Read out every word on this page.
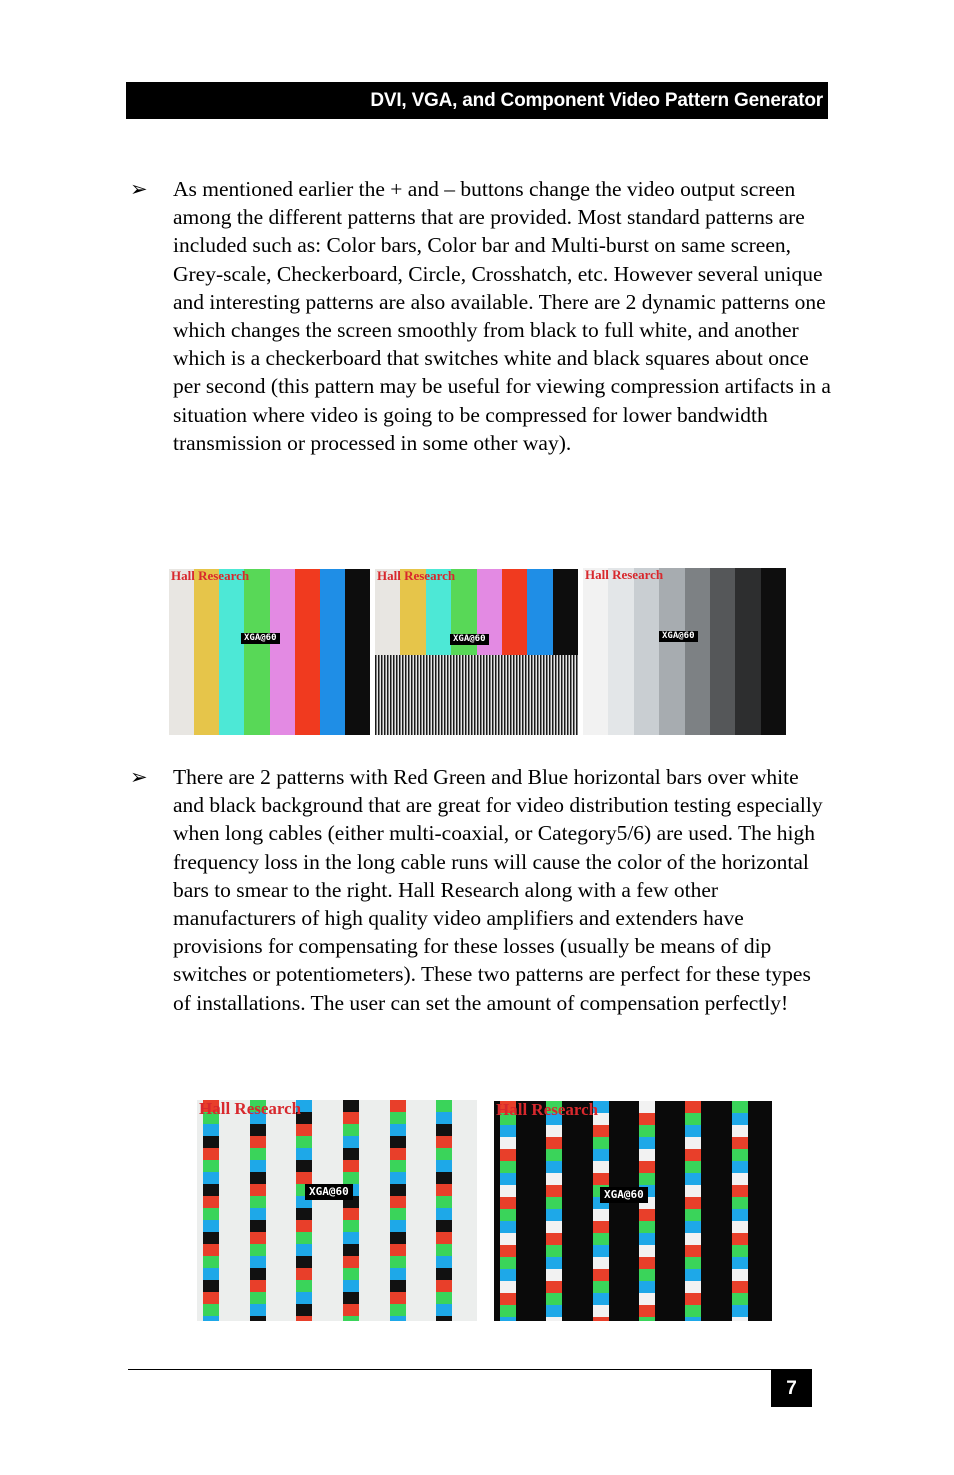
DVI, VGA, and Component Video Pattern Generator
➢ As mentioned earlier the + and – buttons change the video output screen among the different patterns that are provided. Most standard patterns are included such as: Color bars, Color bar and Multi-burst on same screen, Grey-scale, Checkerboard, Circle, Crosshatch, etc. However several unique and interesting patterns are also available. There are 2 dynamic patterns one which changes the screen smoothly from black to full white, and another which is a checkerboard that switches white and black squares about once per second (this pattern may be useful for viewing compression artifacts in a situation where video is going to be compressed for lower bandwidth transmission or processed in some other way).

Hall Research
XGA@60
Hall Research
XGA@60
Hall Research
XGA@60
➢ There are 2 patterns with Red Green and Blue horizontal bars over white and black background that are great for video distribution testing especially when long cables (either multi-coaxial, or Category5/6) are used. The high frequency loss in the long cable runs will cause the color of the horizontal bars to smear to the right. Hall Research along with a few other manufacturers of high quality video amplifiers and extenders have provisions for compensating for these losses (usually be means of dip switches or potentiometers). These two patterns are perfect for these types of installations. The user can set the amount of compensation perfectly!

Hall Research
XGA@60
Hall Research
XGA@60
7
